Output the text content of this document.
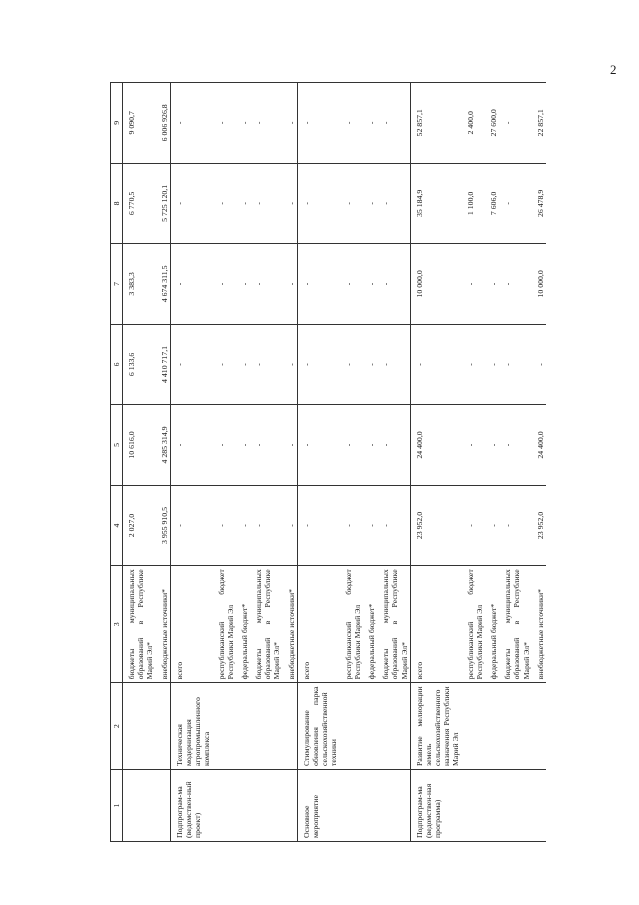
2
1	2	3	4	5	6	7	8	9
		бюджеты муниципальных образований в Республике Марий Эл*	2 027,0	10 616,0	6 133,6	3 383,3	6 770,5	9 090,7
		внебюджетные источники*	3 955 910,5	4 285 314,9	4 410 717,1	4 674 311,5	5 725 120,1	6 006 926,8
Подпрограм-ма (ведомствен-ный проект)	Техническая модернизация агропромышленного комплекса	всего	-	-	-	-	-	-
		республиканский бюджет Республики Марий Эл	-	-	-	-	-	-
		федеральный бюджет*	-	-	-	-	-	-
		бюджеты муниципальных образований в Республике Марий Эл*	-	-	-	-	-	-
		внебюджетные источники*	-	-	-	-	-	-
Основное мероприятие	Стимулирование обновления парка сельскохозяйственной техники	всего	-	-	-	-	-	-
		республиканский бюджет Республики Марий Эл	-	-	-	-	-	-
		федеральный бюджет*	-	-	-	-	-	-
		бюджеты муниципальных образований в Республике Марий Эл*	-	-	-	-	-	-
Подпрограм-ма (ведомствен-ная программа)	Развитие мелиорации земель сельскохозяйственного назначения Республики Марий Эл	всего	23 952,0	24 400,0	-	10 000,0	35 184,9	52 857,1
		республиканский бюджет Республики Марий Эл	-	-	-	-	1 100,0	2 400,0
		федеральный бюджет*	-	-	-	-	7 606,0	27 600,0
		бюджеты муниципальных образований в Республике Марий Эл*	-	-	-	-	-	-
		внебюджетные источники*	23 952,0	24 400,0	-	10 000,0	26 478,9	22 857,1
